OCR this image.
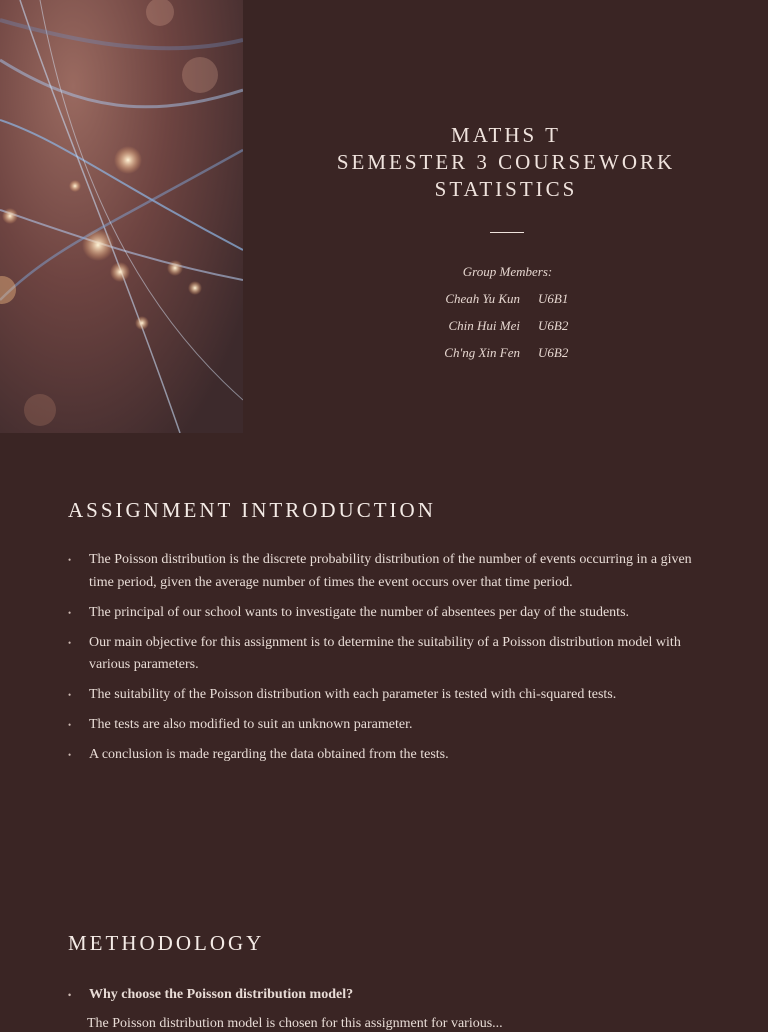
MATHS T
SEMESTER 3 COURSEWORK
STATISTICS
Group Members:
Cheah Yu Kun	U6B1
Chin Hui Mei	U6B2
Ch'ng Xin Fen	U6B2
ASSIGNMENT INTRODUCTION
• The Poisson distribution is the discrete probability distribution of the number of events occurring in a given time period, given the average number of times the event occurs over that time period.
• The principal of our school wants to investigate the number of absentees per day of the students.
• Our main objective for this assignment is to determine the suitability of a Poisson distribution model with various parameters.
• The suitability of the Poisson distribution with each parameter is tested with chi-squared tests.
• The tests are also modified to suit an unknown parameter.
• A conclusion is made regarding the data obtained from the tests.
METHODOLOGY
• Why choose the Poisson distribution model?
The Poisson distribution model is chosen for this assignment for various...
